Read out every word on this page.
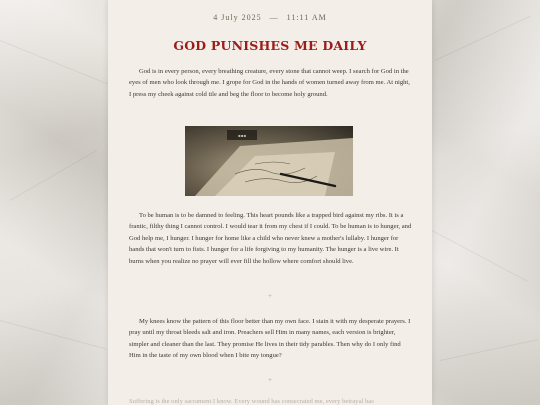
4 July 2025 — 11:11 AM
GOD PUNISHES ME DAILY

God is in every person, every breathing creature, every stone that cannot weep. I search for God in the eyes of men who look through me. I grope for God in the hands of women turned away from me. At night, I press my cheek against cold tile and beg the floor to become holy ground.

▪▪▪

To be human is to be damned to feeling. This heart pounds like a trapped bird against my ribs. It is a frantic, filthy thing I cannot control. I would tear it from my chest if I could. To be human is to hunger, and God help me, I hunger. I hunger for home like a child who never knew a mother's lullaby. I hunger for hands that won't turn to fists. I hunger for a life forgiving to my humanity. The hunger is a live wire. It burns when you realize no prayer will ever fill the hollow where comfort should live.

+

My knees know the pattern of this floor better than my own face. I stain it with my desperate prayers. I pray until my throat bleeds salt and iron. Preachers sell Him in many names, each version is brighter, simpler and cleaner than the last. They promise He lives in their tidy parables. Then why do I only find Him in the taste of my own blood when I bite my tongue?

+
Suffering is the only sacrament I know. Every wound has consecrated me, every betrayal has
